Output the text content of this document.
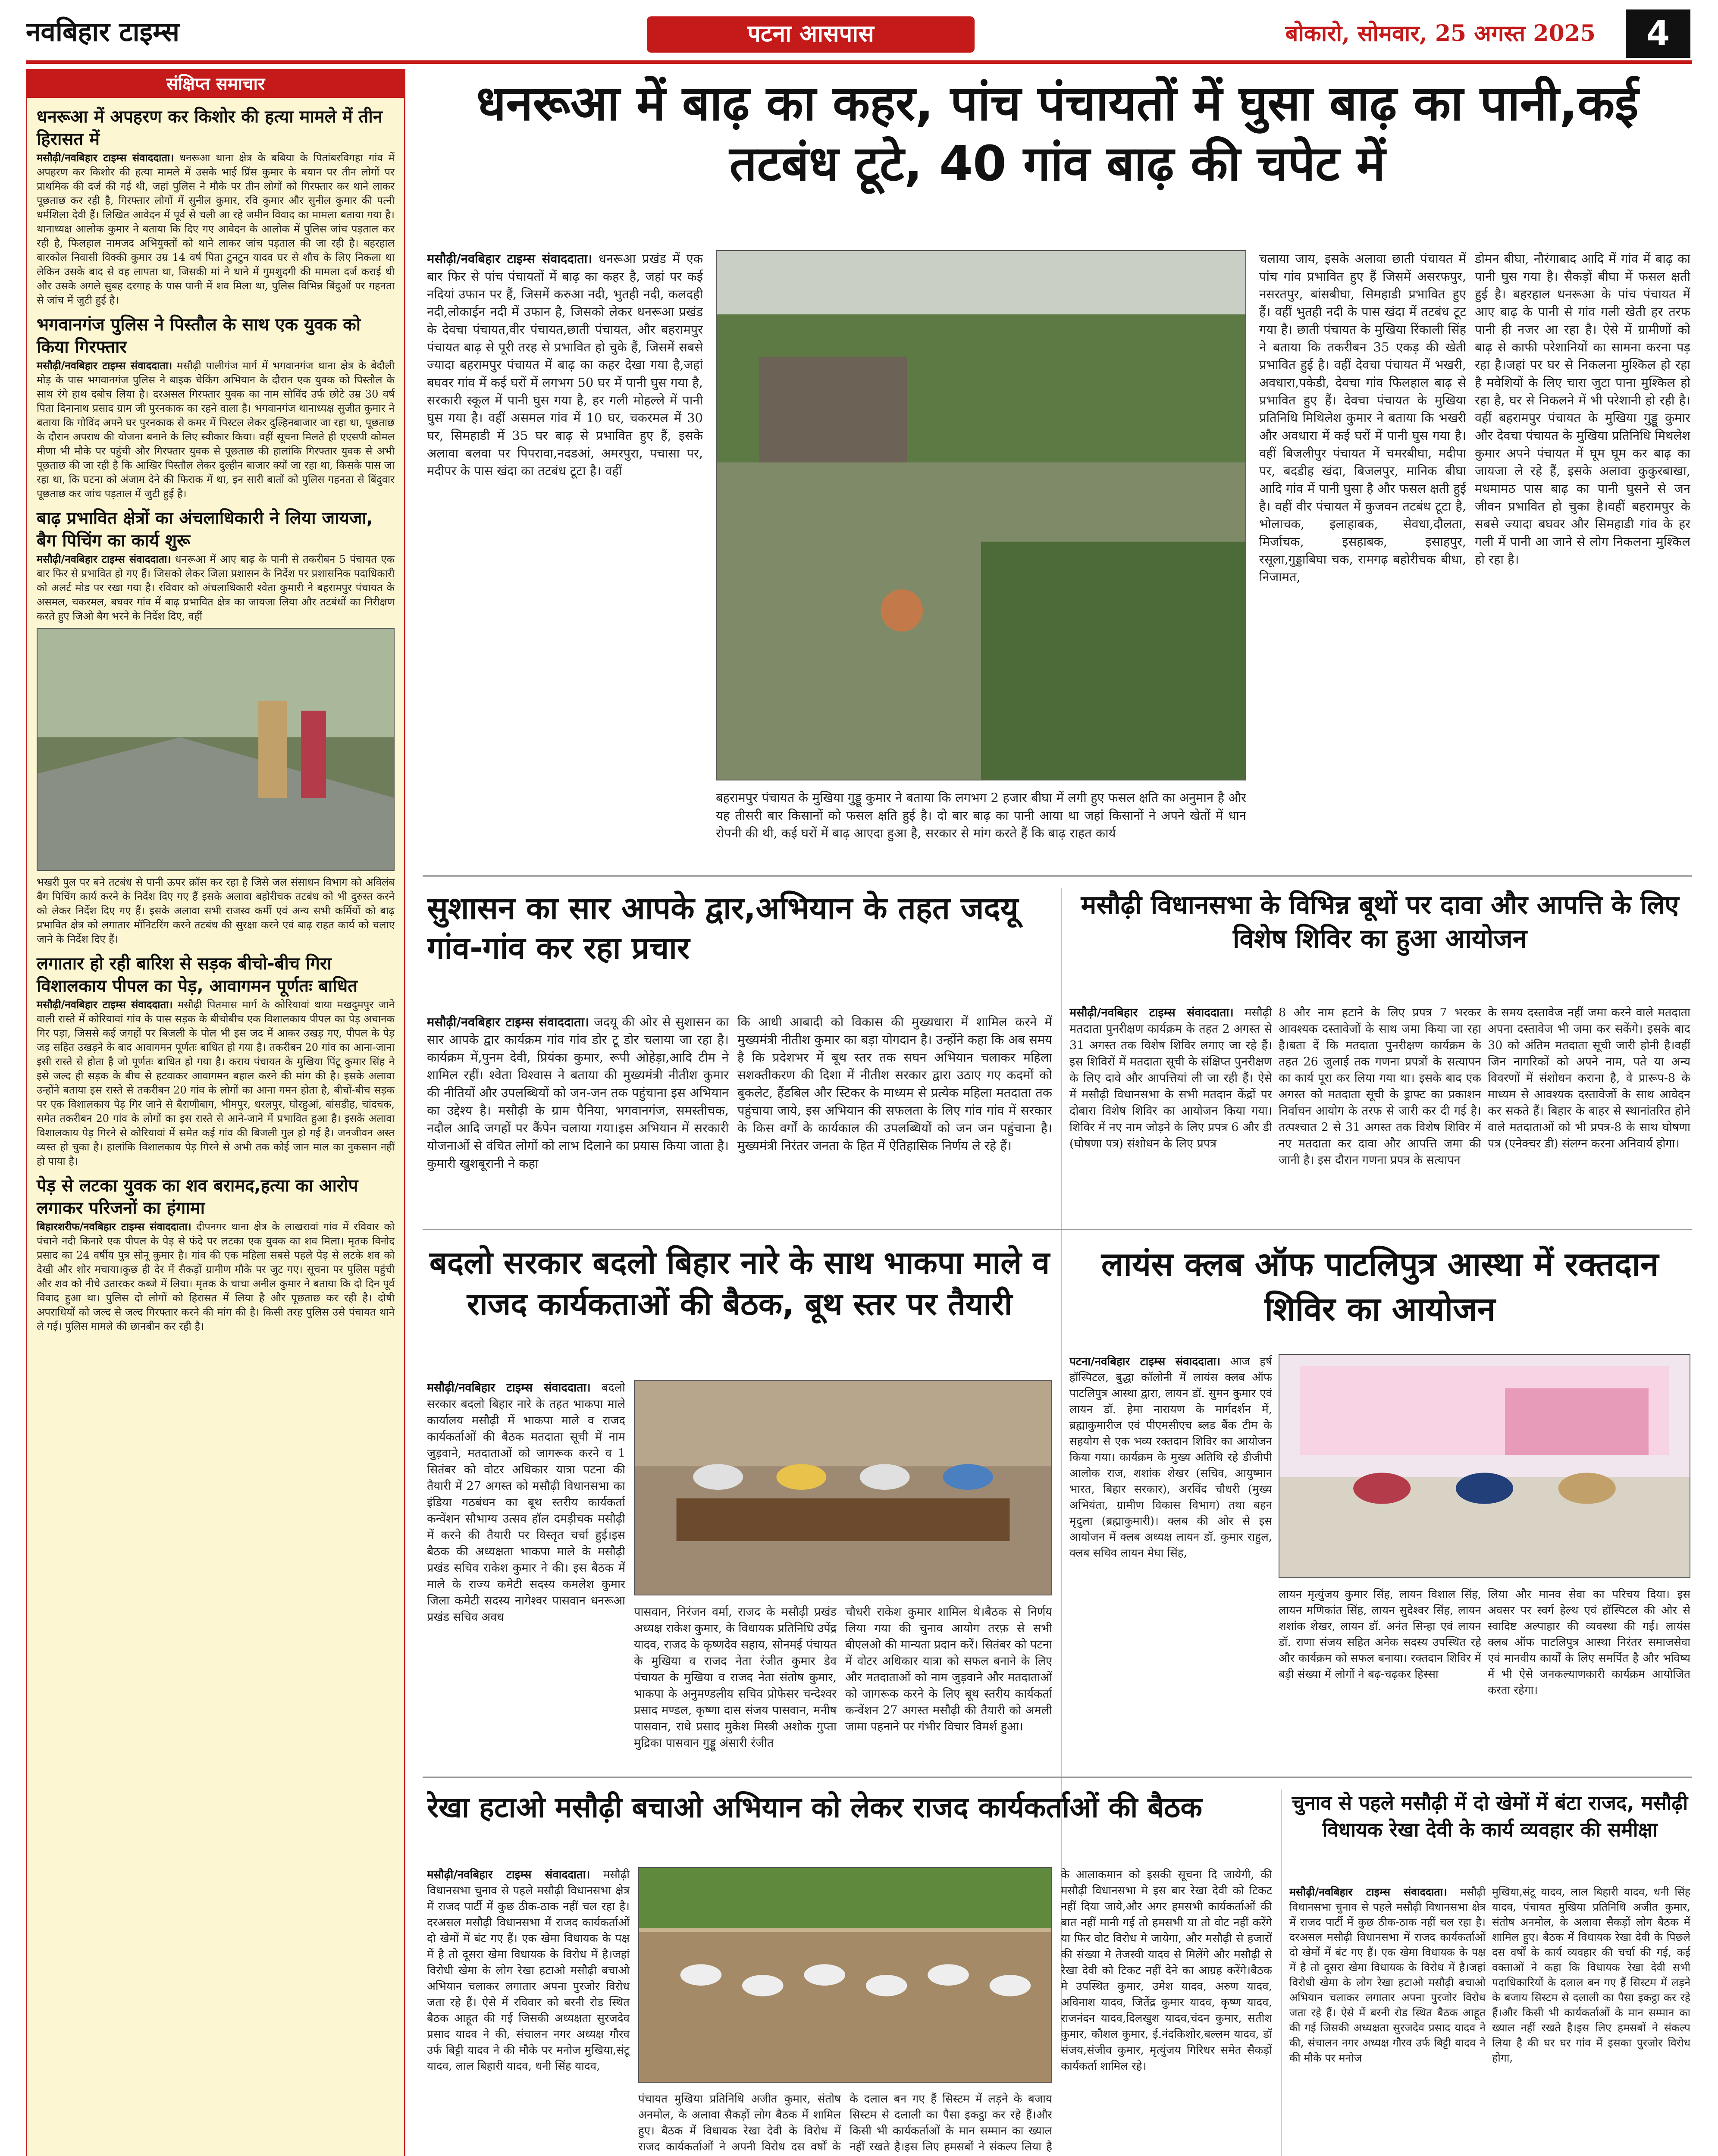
नवबिहार टाइम्स	पटना आसपास	बोकारो, सोमवार, 25 अगस्त 2025	4
संक्षिप्त समाचार
धनरूआ में अपहरण कर किशोर की हत्या मामले में तीन हिरासत में
मसौढ़ी/नवबिहार टाइम्स संवाददाता। धनरूआ थाना क्षेत्र के बबिया के पितांबरविगहा गांव में अपहरण कर किशोर की हत्या मामले में उसके भाई प्रिंस कुमार के बयान पर तीन लोगों पर प्राथमिक की दर्ज की गई थी, जहां पुलिस ने मौके पर तीन लोगों को गिरफ्तार कर थाने लाकर पूछताछ कर रही है, गिरफ्तार लोगों में सुनील कुमार, रवि कुमार और सुनील कुमार की पत्नी धर्मशिला देवी हैं। लिखित आवेदन में पूर्व से चली आ रहे जमीन विवाद का मामला बताया गया है। थानाध्यक्ष आलोक कुमार ने बताया कि दिए गए आवेदन के आलोक में पुलिस जांच पड़ताल कर रही है, फिलहाल नामजद अभियुक्तों को थाने लाकर जांच पड़ताल की जा रही है। बहरहाल बारकोल निवासी विक्की कुमार उम्र 14 वर्ष पिता टुनटुन यादव घर से शौच के लिए निकला था लेकिन उसके बाद से वह लापता था, जिसकी मां ने थाने में गुमशुदगी की मामला दर्ज कराई थी और उसके अगले सुबह दरगाह के पास पानी में शव मिला था, पुलिस विभिन्न बिंदुओं पर गहनता से जांच में जुटी हुई है।
भगवानगंज पुलिस ने पिस्तौल के साथ एक युवक को किया गिरफ्तार
मसौढ़ी/नवबिहार टाइम्स संवाददाता। मसौढ़ी पालीगंज मार्ग में भगवानगंज थाना क्षेत्र के बेदौली मोड़ के पास भगवानगंज पुलिस ने बाइक चेकिंग अभियान के दौरान एक युवक को पिस्तौल के साथ रंगे हाथ दबोच लिया है। दरअसल गिरफ्तार युवक का नाम सोविंद उर्फ छोटे उम्र 30 वर्ष पिता दिनानाथ प्रसाद ग्राम जी पुरनकाक का रहने वाला है। भगवानगंज थानाध्यक्ष सुजीत कुमार ने बताया कि गोविंद अपने घर पुरनकाक से कमर में पिस्टल लेकर दुल्हिनबाजार जा रहा था, पूछताछ के दौरान अपराध की योजना बनाने के लिए स्वीकार किया। वहीं सूचना मिलते ही एएसपी कोमल मीणा भी मौके पर पहुंची और गिरफ्तार युवक से पूछताछ की हालांकि गिरफ्तार युवक से अभी पूछताछ की जा रही है कि आखिर पिस्तौल लेकर दुल्हीन बाजार क्यों जा रहा था, किसके पास जा रहा था, कि घटना को अंजाम देने की फिराक में था, इन सारी बातों को पुलिस गहनता से बिंदुवार पूछताछ कर जांच पड़ताल में जुटी हुई है।
बाढ़ प्रभावित क्षेत्रों का अंचलाधिकारी ने लिया जायजा, बैग पिचिंग का कार्य शुरू
मसौढ़ी/नवबिहार टाइम्स संवाददाता। धनरूआ में आए बाढ़ के पानी से तकरीबन 5 पंचायत एक बार फिर से प्रभावित हो गए हैं। जिसको लेकर जिला प्रशासन के निर्देश पर प्रशासनिक पदाधिकारी को अलर्ट मोड पर रखा गया है। रविवार को अंचलाधिकारी श्वेता कुमारी ने बहरामपुर पंचायत के असमल, चकरमल, बघवर गांव में बाढ़ प्रभावित क्षेत्र का जायजा लिया और तटबंधों का निरीक्षण करते हुए जिओ बैग भरने के निर्देश दिए, वहीं
भखरी पुल पर बने तटबंध से पानी ऊपर क्रॉस कर रहा है जिसे जल संसाधन विभाग को अविलंब बैग पिचिंग कार्य करने के निर्देश दिए गए हैं इसके अलावा बहोरीचक तटबंध को भी दुरुस्त करने को लेकर निर्देश दिए गए हैं। इसके अलावा सभी राजस्व कर्मी एवं अन्य सभी कर्मियों को बाढ़ प्रभावित क्षेत्र को लगातार मॉनिटरिंग करने तटबंध की सुरक्षा करने एवं बाढ़ राहत कार्य को चलाए जाने के निर्देश दिए हैं।
लगातार हो रही बारिश से सड़क बीचो-बीच गिरा विशालकाय पीपल का पेड़, आवागमन पूर्णतः बाधित
मसौढ़ी/नवबिहार टाइम्स संवाददाता। मसौढ़ी पितमास मार्ग के कोरियावां थाया मखदुमपुर जाने वाली रास्ते में कोरियावां गांव के पास सड़क के बीचोबीच एक विशालकाय पीपल का पेड़ अचानक गिर पड़ा, जिससे कई जगहों पर बिजली के पोल भी इस जद में आकर उखड़ गए, पीपल के पेड़ जड़ सहित उखड़ने के बाद आवागमन पूर्णतः बाधित हो गया है। तकरीबन 20 गांव का आना-जाना इसी रास्ते से होता है जो पूर्णतः बाधित हो गया है। कराय पंचायत के मुखिया पिंटू कुमार सिंह ने इसे जल्द ही सड़क के बीच से हटवाकर आवागमन बहाल करने की मांग की है। इसके अलावा उन्होंने बताया इस रास्ते से तकरीबन 20 गांव के लोगों का आना गमन होता है, बीचों-बीच सड़क पर एक विशालकाय पेड़ गिर जाने से बैराणीबाग, भीमपुर, धरलपुर, घोरहुआं, बांसडीह, चांदचक, समेत तकरीबन 20 गांव के लोगों का इस रास्ते से आने-जाने में प्रभावित हुआ है। इसके अलावा विशालकाय पेड़ गिरने से कोरियावां में समेत कई गांव की बिजली गुल हो गई है। जनजीवन अस्त व्यस्त हो चुका है। हालांकि विशालकाय पेड़ गिरने से अभी तक कोई जान माल का नुकसान नहीं हो पाया है।
पेड़ से लटका युवक का शव बरामद,हत्या का आरोप लगाकर परिजनों का हंगामा
बिहारशरीफ/नवबिहार टाइम्स संवाददाता। दीपनगर थाना क्षेत्र के लाखरावां गांव में रविवार को पंचाने नदी किनारे एक पीपल के पेड़ से फंदे पर लटका एक युवक का शव मिला। मृतक विनोद प्रसाद का 24 वर्षीय पुत्र सोनू कुमार है। गांव की एक महिला सबसे पहले पेड़ से लटके शव को देखी और शोर मचाया।कुछ ही देर में सैकड़ों ग्रामीण मौके पर जुट गए। सूचना पर पुलिस पहुंची और शव को नीचे उतारकर कब्जे में लिया। मृतक के चाचा अनील कुमार ने बताया कि दो दिन पूर्व विवाद हुआ था। पुलिस दो लोगों को हिरासत में लिया है और पूछताछ कर रही है। दोषी अपराधियों को जल्द से जल्द गिरफ्तार करने की मांग की है। किसी तरह पुलिस उसे पंचायत थाने ले गई। पुलिस मामले की छानबीन कर रही है।
धनरूआ में बाढ़ का कहर, पांच पंचायतों में घुसा बाढ़ का पानी,कई तटबंध टूटे, 40 गांव बाढ़ की चपेट में
मसौढ़ी/नवबिहार टाइम्स संवाददाता। धनरूआ प्रखंड में एक बार फिर से पांच पंचायतों में बाढ़ का कहर है, जहां पर कई नदियां उफान पर हैं, जिसमें करुआ नदी, भुतही नदी, कलदही नदी,लोकाईन नदी में उफान है, जिसको लेकर धनरूआ प्रखंड के देवचा पंचायत,वीर पंचायत,छाती पंचायत, और बहरामपुर पंचायत बाढ़ से पूरी तरह से प्रभावित हो चुके हैं, जिसमें सबसे ज्यादा बहरामपुर पंचायत में बाढ़ का कहर देखा गया है,जहां बघवर गांव में कई घरों में लगभग 50 घर में पानी घुस गया है, सरकारी स्कूल में पानी घुस गया है, हर गली मोहल्ले में पानी घुस गया है। वहीं असमल गांव में 10 घर, चकरमल में 30 घर, सिमहाडी में 35 घर बाढ़ से प्रभावित हुए हैं, इसके अलावा बलवा पर पिपरावा,नदडआं, अमरपुरा, पचासा पर, मदीपर के पास खंदा का तटबंध टूटा है। वहीं
बहरामपुर पंचायत के मुखिया गुड्डू कुमार ने बताया कि लगभग 2 हजार बीघा में लगी हुए फसल क्षति का अनुमान है और यह तीसरी बार किसानों को फसल क्षति हुई है। दो बार बाढ़ का पानी आया था जहां किसानों ने अपने खेतों में धान रोपनी की थी, कई घरों में बाढ़ आएदा हुआ है, सरकार से मांग करते हैं कि बाढ़ राहत कार्य
चलाया जाय, इसके अलावा छाती पंचायत में पांच गांव प्रभावित हुए हैं जिसमें असरफपुर, नसरतपुर, बांसबीघा, सिमहाडी प्रभावित हुए हैं। वहीं भुतही नदी के पास खंदा में तटबंध टूट गया है। छाती पंचायत के मुखिया रिंकाली सिंह ने बताया कि तकरीबन 35 एकड़ की खेती प्रभावित हुई है। वहीं देवचा पंचायत में भखरी, अवधारा,पकेडी, देवचा गांव फिलहाल बाढ़ से प्रभावित हुए हैं। देवचा पंचायत के मुखिया प्रतिनिधि मिथिलेश कुमार ने बताया कि भखरी और अवधारा में कई घरों में पानी घुस गया है। वहीं बिजलीपुर पंचायत में चमरबीघा, मदीपा पर, बदडीह खंदा, बिजलपुर, मानिक बीघा आदि गांव में पानी घुसा है और फसल क्षती हुई है। वहीं वीर पंचायत में कुजवन तटबंध टूटा है, भोलाचक, इलाहाबक, सेवधा,दौलता, मिर्जाचक, इसहाबक, इसाहपुर, रसूला,गुड्डाबिघा चक, रामगढ़ बहोरीचक बीधा, निजामत,
डोमन बीघा, नौरंगाबाद आदि में गांव में बाढ़ का पानी घुस गया है। सैकड़ों बीघा में फसल क्षती हुई है। बहरहाल धनरूआ के पांच पंचायत में आए बाढ़ के पानी से गांव गली खेती हर तरफ पानी ही नजर आ रहा है। ऐसे में ग्रामीणों को बाढ़ से काफी परेशानियों का सामना करना पड़ रहा है।जहां पर घर से निकलना मुश्किल हो रहा है मवेशियों के लिए चारा जुटा पाना मुश्किल हो रहा है, घर से निकलने में भी परेशानी हो रही है। वहीं बहरामपुर पंचायत के मुखिया गुड्डू कुमार और देवचा पंचायत के मुखिया प्रतिनिधि मिथलेश कुमार अपने पंचायत में घूम घूम कर बाढ़ का जायजा ले रहे हैं, इसके अलावा कुकुरबाखा, मधमामठ पास बाढ़ का पानी घुसने से जन जीवन प्रभावित हो चुका है।वहीं बहरामपुर के सबसे ज्यादा बघवर और सिमहाडी गांव के हर गली में पानी आ जाने से लोग निकलना मुश्किल हो रहा है।
सुशासन का सार आपके द्वार,अभियान के तहत जदयू गांव-गांव कर रहा प्रचार
मसौढ़ी/नवबिहार टाइम्स संवाददाता। जदयू की ओर से सुशासन का सार आपके द्वार कार्यक्रम गांव गांव डोर टू डोर चलाया जा रहा है। कार्यक्रम में,पुनम देवी, प्रियंका कुमार, रूपी ओहेड़ा,आदि टीम ने शामिल रहीं। श्वेता विश्वास ने बताया की मुख्यमंत्री नीतीश कुमार की नीतियों और उपलब्धियों को जन-जन तक पहुंचाना इस अभियान का उद्देश्य है। मसौढ़ी के ग्राम पैनिया, भगवानगंज, समस्तीचक, नदौल आदि जगहों पर कैंपेन चलाया गया।इस अभियान में सरकारी योजनाओं से वंचित लोगों को लाभ दिलाने का प्रयास किया जाता है। कुमारी खुशबूरानी ने कहा
कि आधी आबादी को विकास की मुख्यधारा में शामिल करने में मुख्यमंत्री नीतीश कुमार का बड़ा योगदान है। उन्होंने कहा कि अब समय है कि प्रदेशभर में बूथ स्तर तक सघन अभियान चलाकर महिला सशक्तीकरण की दिशा में नीतीश सरकार द्वारा उठाए गए कदमों को बुकलेट, हैंडबिल और स्टिकर के माध्यम से प्रत्येक महिला मतदाता तक पहुंचाया जाये, इस अभियान की सफलता के लिए गांव गांव में सरकार के किस वर्गों के कार्यकाल की उपलब्धियों को जन जन पहुंचाना है। मुख्यमंत्री निरंतर जनता के हित में ऐतिहासिक निर्णय ले रहे हैं।
मसौढ़ी विधानसभा के विभिन्न बूथों पर दावा और आपत्ति के लिए विशेष शिविर का हुआ आयोजन
मसौढ़ी/नवबिहार टाइम्स संवाददाता। मसौढ़ी मतदाता पुनरीक्षण कार्यक्रम के तहत 2 अगस्त से 31 अगस्त तक विशेष शिविर लगाए जा रहे हैं। इस शिविरों में मतदाता सूची के संक्षिप्त पुनरीक्षण के लिए दावे और आपत्तियां ली जा रही हैं। ऐसे में मसौढ़ी विधानसभा के सभी मतदान केंद्रों पर दोबारा विशेष शिविर का आयोजन किया गया। शिविर में नए नाम जोड़ने के लिए प्रपत्र 6 और डी (घोषणा पत्र) संशोधन के लिए प्रपत्र
8 और नाम हटाने के लिए प्रपत्र 7 भरकर आवश्यक दस्तावेजों के साथ जमा किया जा रहा है।बता दें कि मतदाता पुनरीक्षण कार्यक्रम के तहत 26 जुलाई तक गणना प्रपत्रों के सत्यापन का कार्य पूरा कर लिया गया था। इसके बाद एक अगस्त को मतदाता सूची के ड्राफ्ट का प्रकाशन निर्वाचन आयोग के तरफ से जारी कर दी गई है। तत्पश्चात 2 से 31 अगस्त तक विशेष शिविर में नए मतदाता कर दावा और आपत्ति जमा की जानी है। इस दौरान गणना प्रपत्र के सत्यापन
के समय दस्तावेज नहीं जमा करने वाले मतदाता अपना दस्तावेज भी जमा कर सकेंगे। इसके बाद 30 को अंतिम मतदाता सूची जारी होनी है।वहीं जिन नागरिकों को अपने नाम, पते या अन्य विवरणों में संशोधन कराना है, वे प्रारूप-8 के माध्यम से आवश्यक दस्तावेजों के साथ आवेदन कर सकते हैं। बिहार के बाहर से स्थानांतरित होने वाले मतदाताओं को भी प्रपत्र-8 के साथ घोषणा पत्र (एनेक्चर डी) संलग्न करना अनिवार्य होगा।
बदलो सरकार बदलो बिहार नारे के साथ भाकपा माले व राजद कार्यकताओं की बैठक, बूथ स्तर पर तैयारी
मसौढ़ी/नवबिहार टाइम्स संवाददाता। बदलो सरकार बदलो बिहार नारे के तहत भाकपा माले कार्यालय मसौढ़ी में भाकपा माले व राजद कार्यकर्ताओं की बैठक मतदाता सूची में नाम जुड़वाने, मतदाताओं को जागरूक करने व 1 सितंबर को वोटर अधिकार यात्रा पटना की तैयारी में 27 अगस्त को मसौढ़ी विधानसभा का इंडिया गठबंधन का बूथ स्तरीय कार्यकर्ता कन्वेंशन सौभाग्य उत्सव हॉल दमड़ीचक मसौढ़ी में करने की तैयारी पर विस्तृत चर्चा हुई।इस बैठक की अध्यक्षता भाकपा माले के मसौढ़ी प्रखंड सचिव राकेश कुमार ने की। इस बैठक में माले के राज्य कमेटी सदस्य कमलेश कुमार जिला कमेटी सदस्य नागेश्वर पासवान धनरूआ प्रखंड सचिव अवध	पासवान, निरंजन वर्मा, राजद के मसौढ़ी प्रखंड अध्यक्ष राकेश कुमार, के विधायक प्रतिनिधि उपेंद्र यादव, राजद के कृष्णदेव सहाय, सोनमई पंचायत के मुखिया व राजद नेता रंजीत कुमार डेव पंचायत के मुखिया व राजद नेता संतोष कुमार, भाकपा के अनुमण्डलीय सचिव प्रोफेसर चन्देश्वर प्रसाद मण्डल, कृष्णा दास संजय पासवान, मनीष पासवान, राधे प्रसाद मुकेश मिस्त्री अशोक गुप्ता मुद्रिका पासवान गुड्डू अंसारी रंजीत
चौधरी राकेश कुमार शामिल थे।बैठक से निर्णय लिया गया की चुनाव आयोग तरफ़ से सभी बीएलओ की मान्यता प्रदान करें। सितंबर को पटना में वोटर अधिकार यात्रा को सफल बनाने के लिए और मतदाताओं को नाम जुड़वाने और मतदाताओं को जागरूक करने के लिए बूथ स्तरीय कार्यकर्ता कन्वेंशन 27 अगस्त मसौढ़ी की तैयारी को अमली जामा पहनाने पर गंभीर विचार विमर्श हुआ।
लायंस क्लब ऑफ पाटलिपुत्र आस्था में रक्तदान शिविर का आयोजन
पटना/नवबिहार टाइम्स संवाददाता। आज हर्ष हॉस्पिटल, बुद्धा कॉलोनी में लायंस क्लब ऑफ पाटलिपुत्र आस्था द्वारा, लायन डॉ. सुमन कुमार एवं लायन डॉ. हेमा नारायण के मार्गदर्शन में, ब्रह्माकुमारीज एवं पीएमसीएच ब्लड बैंक टीम के सहयोग से एक भव्य रक्तदान शिविर का आयोजन किया गया। कार्यक्रम के मुख्य अतिथि रहे डीजीपी आलोक राज, शशांक शेखर (सचिव, आयुष्मान भारत, बिहार सरकार), अरविंद चौधरी (मुख्य अभियंता, ग्रामीण विकास विभाग) तथा बहन मृदुला (ब्रह्माकुमारी)। क्लब की ओर से इस आयोजन में क्लब अध्यक्ष लायन डॉ. कुमार राहुल, क्लब सचिव लायन मेघा सिंह,
लायन मृत्युंजय कुमार सिंह, लायन विशाल सिंह, लायन मणिकांत सिंह, लायन सुदेश्वर सिंह, लायन शशांक शेखर, लायन डॉ. अनंत सिन्हा एवं लायन डॉ. राणा संजय सहित अनेक सदस्य उपस्थित रहे और कार्यक्रम को सफल बनाया। रक्तदान शिविर में बड़ी संख्या में लोगों ने बढ़-चढ़कर हिस्सा
लिया और मानव सेवा का परिचय दिया। इस अवसर पर स्वर्ग हेल्थ एवं हॉस्पिटल की ओर से स्वादिष्ट अल्पाहार की व्यवस्था की गई। लायंस क्लब ऑफ पाटलिपुत्र आस्था निरंतर समाजसेवा एवं मानवीय कार्यों के लिए समर्पित है और भविष्य में भी ऐसे जनकल्याणकारी कार्यक्रम आयोजित करता रहेगा।
रेखा हटाओ मसौढ़ी बचाओ अभियान को लेकर राजद कार्यकर्ताओं की बैठक
मसौढ़ी/नवबिहार टाइम्स संवाददाता। मसौढ़ी विधानसभा चुनाव से पहले मसौढ़ी विधानसभा क्षेत्र में राजद पार्टी में कुछ ठीक-ठाक नहीं चल रहा है। दरअसल मसौढ़ी विधानसभा में राजद कार्यकर्ताओं दो खेमों में बंट गए हैं। एक खेमा विधायक के पक्ष में है तो दूसरा खेमा विधायक के विरोध में है।जहां विरोधी खेमा के लोग रेखा हटाओ मसौढ़ी बचाओ अभियान चलाकर लगातार अपना पुरजोर विरोध जता रहे हैं। ऐसे में रविवार को बरनी रोड स्थित बैठक आहूत की गई जिसकी अध्यक्षता सुरजदेव प्रसाद यादव ने की, संचालन नगर अध्यक्ष गौरव उर्फ बिट्टी यादव ने की मौके पर मनोज मुखिया,संटू यादव, लाल बिहारी यादव, धनी सिंह यादव,
पंचायत मुखिया प्रतिनिधि अजीत कुमार, संतोष अनमोल, के अलावा सैकड़ों लोग बैठक में शामिल हुए। बैठक में विधायक रेखा देवी के विरोध में राजद कार्यकर्ताओं ने अपनी विरोध दस वर्षों के
के दलाल बन गए हैं सिस्टम में लड़ने के बजाय सिस्टम से दलाली का पैसा इकट्ठा कर रहे हैं।और किसी भी कार्यकर्ताओं के मान सम्मान का ख्याल नहीं रखते है।इस लिए हमसबों ने संकल्प लिया है
के आलाकमान को इसकी सूचना दि जायेगी, की मसौढ़ी विधानसभा मे इस बार रेखा देवी को टिकट नहीं दिया जाये,और अगर हमसभी कार्यकर्ताओं की बात नहीं मानी गई तो हमसभी या तो वोट नहीं करेंगे या फिर वोट विरोध मे जायेगा, और मसौढ़ी से हजारों की संख्या मे तेजस्वी यादव से मिलेंगे और मसौढ़ी से रेखा देवी को टिकट नहीं देने का आग्रह करेंगे।बैठक मे उपस्थित कुमार, उमेश यादव, अरुण यादव, अविनाश यादव, जितेंद्र कुमार यादव, कृष्ण यादव, राजनंदन यादव,दिलखुश यादव,चंदन कुमार, सतीश कुमार, कौशल कुमार, ई.नंदकिशोर,बल्लम यादव, डॉ संजय,संजीव कुमार, मृत्युंजय गिरिधर समेत सैकड़ों कार्यकर्ता शामिल रहे।
चुनाव से पहले मसौढ़ी में दो खेमों में बंटा राजद, मसौढ़ी विधायक रेखा देवी के कार्य व्यवहार की समीक्षा
मसौढ़ी/नवबिहार टाइम्स संवाददाता। मसौढ़ी विधानसभा चुनाव से पहले मसौढ़ी विधानसभा क्षेत्र में राजद पार्टी में कुछ ठीक-ठाक नहीं चल रहा है। दरअसल मसौढ़ी विधानसभा में राजद कार्यकर्ताओं दो खेमों में बंट गए हैं। एक खेमा विधायक के पक्ष में है तो दूसरा खेमा विधायक के विरोध में है।जहां विरोधी खेमा के लोग रेखा हटाओ मसौढ़ी बचाओ अभियान चलाकर लगातार अपना पुरजोर विरोध जता रहे हैं। ऐसे में बरनी रोड स्थित बैठक आहूत की गई जिसकी अध्यक्षता सुरजदेव प्रसाद यादव ने की, संचालन नगर अध्यक्ष गौरव उर्फ बिट्टी यादव ने की मौके पर मनोज
मुखिया,संटू यादव, लाल बिहारी यादव, धनी सिंह यादव, पंचायत मुखिया प्रतिनिधि अजीत कुमार, संतोष अनमोल, के अलावा सैकड़ों लोग बैठक में शामिल हुए। बैठक में विधायक रेखा देवी के पिछले दस वर्षों के कार्य व्यवहार की चर्चा की गई, कई वक्ताओं ने कहा कि विधायक रेखा देवी सभी पदाधिकारियों के दलाल बन गए हैं सिस्टम में लड़ने के बजाय सिस्टम से दलाली का पैसा इकट्ठा कर रहे हैं।और किसी भी कार्यकर्ताओं के मान सम्मान का ख्याल नहीं रखते है।इस लिए हमसबों ने संकल्प लिया है की घर घर गांव में इसका पुरजोर विरोध होगा,
